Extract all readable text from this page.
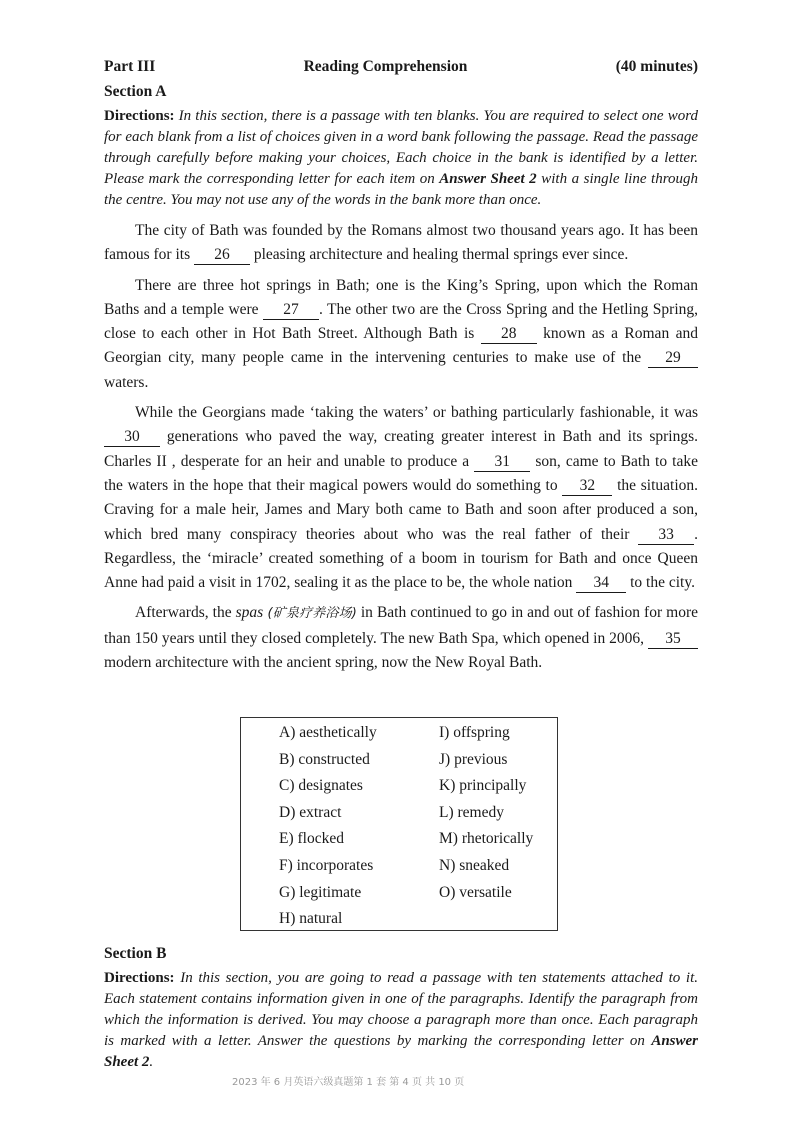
Part III	Reading Comprehension	(40 minutes)
Section A
Directions: In this section, there is a passage with ten blanks. You are required to select one word for each blank from a list of choices given in a word bank following the passage. Read the passage through carefully before making your choices, Each choice in the bank is identified by a letter. Please mark the corresponding letter for each item on Answer Sheet 2 with a single line through the centre. You may not use any of the words in the bank more than once.

The city of Bath was founded by the Romans almost two thousand years ago. It has been famous for its 26 pleasing architecture and healing thermal springs ever since.

There are three hot springs in Bath; one is the King’s Spring, upon which the Roman Baths and a temple were 27 . The other two are the Cross Spring and the Hetling Spring, close to each other in Hot Bath Street. Although Bath is 28 known as a Roman and Georgian city, many people came in the intervening centuries to make use of the 29 waters.

While the Georgians made ‘taking the waters’ or bathing particularly fashionable, it was 30 generations who paved the way, creating greater interest in Bath and its springs. Charles II , desperate for an heir and unable to produce a 31 son, came to Bath to take the waters in the hope that their magical powers would do something to 32 the situation. Craving for a male heir, James and Mary both came to Bath and soon after produced a son, which bred many conspiracy theories about who was the real father of their 33 . Regardless, the ‘miracle’ created something of a boom in tourism for Bath and once Queen Anne had paid a visit in 1702, sealing it as the place to be, the whole nation 34 to the city.

Afterwards, the spas (矿泉疗养浴场) in Bath continued to go in and out of fashion for more than 150 years until they closed completely. The new Bath Spa, which opened in 2006, 35 modern architecture with the ancient spring, now the New Royal Bath.

A) aesthetically
B) constructed
C) designates
D) extract
E) flocked
F) incorporates
G) legitimate
H) natural
I) offspring
J) previous
K) principally
L) remedy
M) rhetorically
N) sneaked
O) versatile
Section B
Directions: In this section, you are going to read a passage with ten statements attached to it. Each statement contains information given in one of the paragraphs. Identify the paragraph from which the information is derived. You may choose a paragraph more than once. Each paragraph is marked with a letter. Answer the questions by marking the corresponding letter on Answer Sheet 2.
2023 年 6 月英语六级真题第 1 套 第 4 页 共 10 页
